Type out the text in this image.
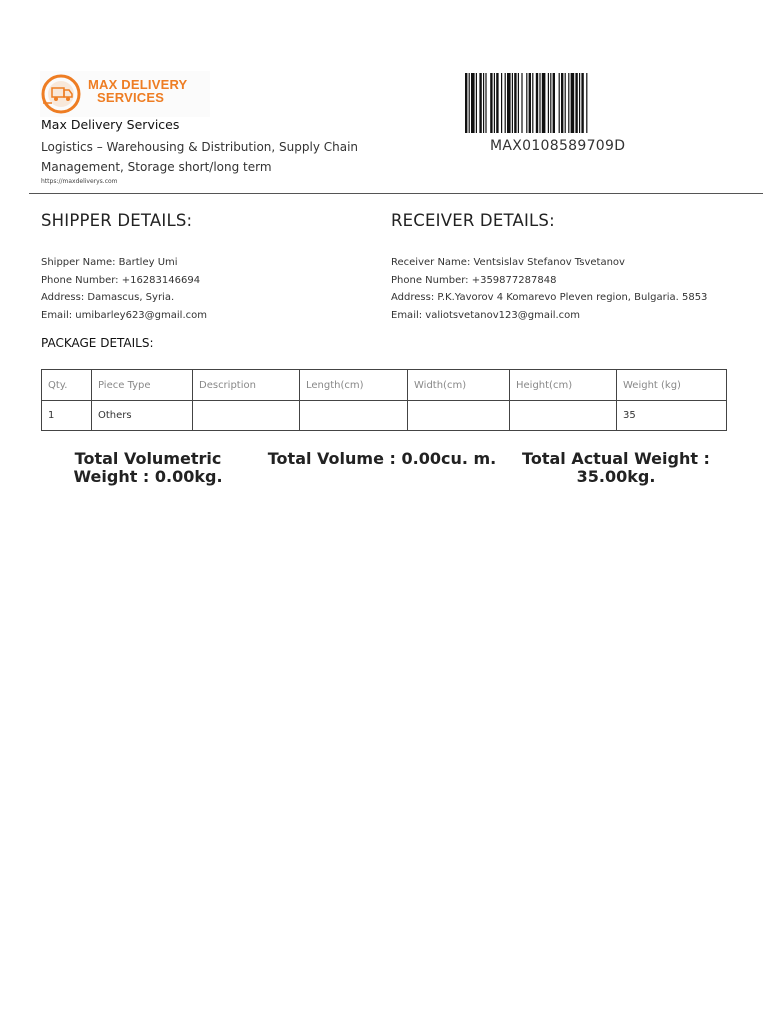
MAX DELIVERY
SERVICES
Max Delivery Services
Logistics – Warehousing & Distribution, Supply Chain Management, Storage short/long term
https://maxdeliverys.com
MAX0108589709D
SHIPPER DETAILS:	RECEIVER DETAILS:
Shipper Name: Bartley Umi
Phone Number: +16283146694
Address: Damascus, Syria.
Email: umibarley623@gmail.com
Receiver Name: Ventsislav Stefanov Tsvetanov
Phone Number: +359877287848
Address: P.K.Yavorov 4 Komarevo Pleven region, Bulgaria. 5853
Email: valiotsvetanov123@gmail.com
PACKAGE DETAILS:
Qty.	Piece Type	Description	Length(cm)	Width(cm)	Height(cm)	Weight (kg)
1	Others					35
Total Volumetric Weight : 0.00kg.
Total Volume : 0.00cu. m.	Total Actual Weight : 35.00kg.
